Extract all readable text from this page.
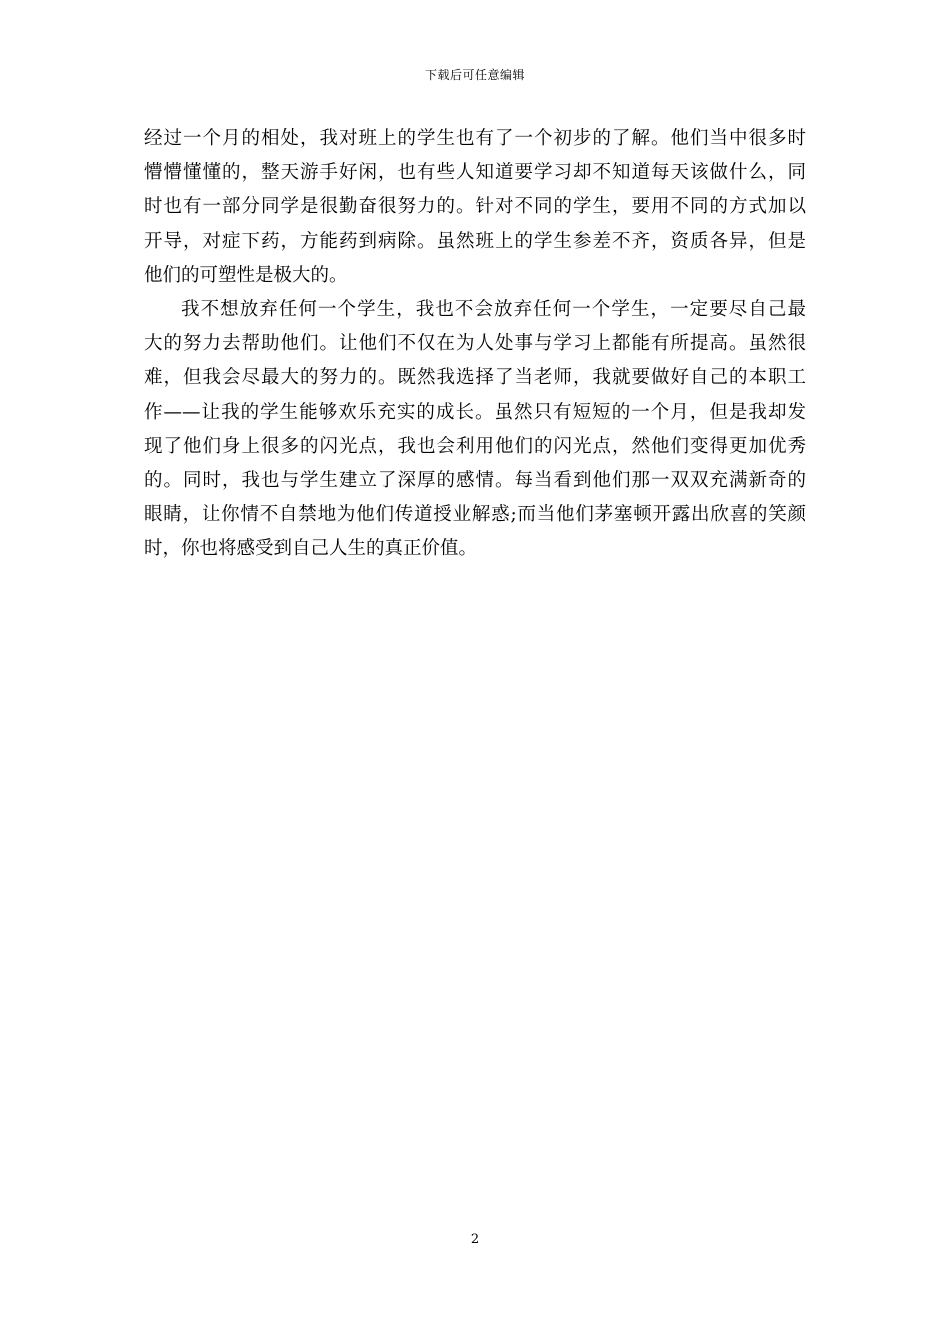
下载后可任意编辑

经过一个月的相处，我对班上的学生也有了一个初步的了解。他们当中很多时
懵懵懂懂的，整天游手好闲，也有些人知道要学习却不知道每天该做什么，同
时也有一部分同学是很勤奋很努力的。针对不同的学生，要用不同的方式加以
开导，对症下药，方能药到病除。虽然班上的学生参差不齐，资质各异，但是
他们的可塑性是极大的。

我不想放弃任何一个学生，我也不会放弃任何一个学生，一定要尽自己最
大的努力去帮助他们。让他们不仅在为人处事与学习上都能有所提高。虽然很
难，但我会尽最大的努力的。既然我选择了当老师，我就要做好自己的本职工
作——让我的学生能够欢乐充实的成长。虽然只有短短的一个月，但是我却发
现了他们身上很多的闪光点，我也会利用他们的闪光点，然他们变得更加优秀
的。同时，我也与学生建立了深厚的感情。每当看到他们那一双双充满新奇的
眼睛，让你情不自禁地为他们传道授业解惑;而当他们茅塞顿开露出欣喜的笑颜
时，你也将感受到自己人生的真正价值。

2
